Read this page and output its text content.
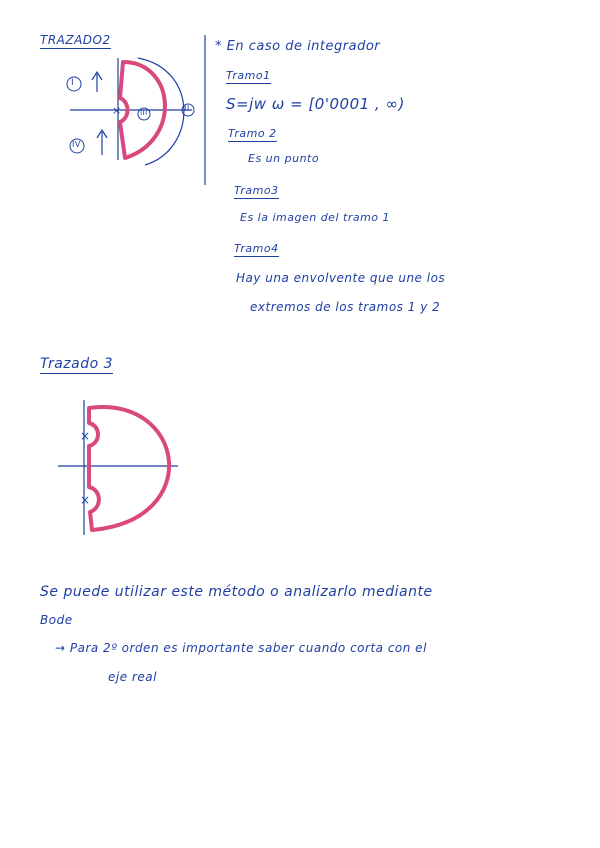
TRAZADO2
×
I
IV
III	II
* En caso de integrador
Tramo1
S=jw ω = [0'0001 , ∞)
Tramo 2
Es un punto
Tramo3
Es la imagen del tramo 1
Tramo4
Hay una envolvente que une los
extremos de los tramos 1 y 2
Trazado 3
×
×
Se puede utilizar este método o analizarlo mediante
Bode
→ Para 2º orden es importante saber cuando corta con el
eje real
